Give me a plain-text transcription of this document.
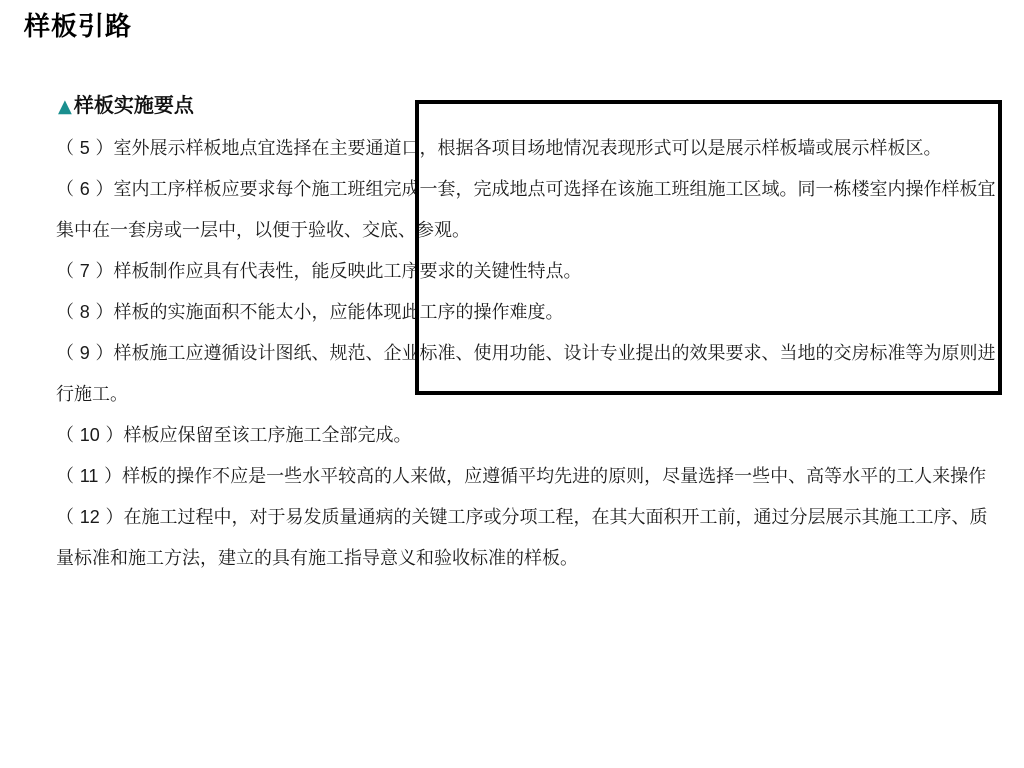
样板引路
▲ 样板实施要点

（ 5 ）室外展示样板地点宜选择在主要通道口，根据各项目场地情况表现形式可以是展示样板墙或展示样板区。

（ 6 ）室内工序样板应要求每个施工班组完成一套，完成地点可选择在该施工班组施工区域。同一栋楼室内操作样板宜集中在一套房或一层中，以便于验收、交底、参观。

（ 7 ）样板制作应具有代表性，能反映此工序要求的关键性特点。

（ 8 ）样板的实施面积不能太小，应能体现此工序的操作难度。

（ 9 ）样板施工应遵循设计图纸、规范、企业标准、使用功能、设计专业提出的效果要求、当地的交房标准等为原则进行施工。

（ 10 ）样板应保留至该工序施工全部完成。

（ 11 ）样板的操作不应是一些水平较高的人来做，应遵循平均先进的原则，尽量选择一些中、高等水平的工人来操作

（ 12 ）在施工过程中，对于易发质量通病的关键工序或分项工程，在其大面积开工前，通过分层展示其施工工序、质量标准和施工方法，建立的具有施工指导意义和验收标准的样板。
